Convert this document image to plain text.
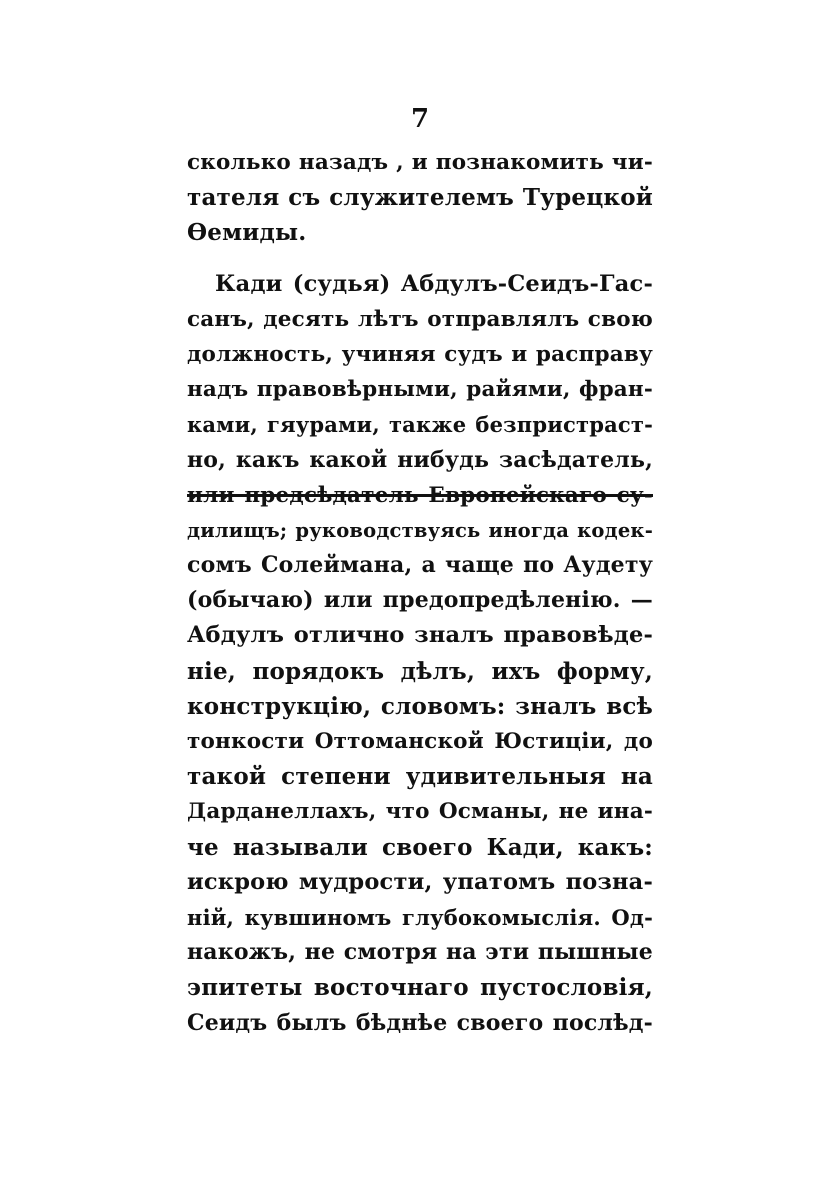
7
сколько назадъ , и познакомить чи-
тателя съ служителемъ Турецкой
Өемиды.
Кади (судья) Абдулъ-Сеидъ-Гас-
санъ, десять лѣтъ отправлялъ свою
должность, учиняя судъ и расправу
надъ правовѣрными, райями, фран-
ками, гяурами, также безпристраст-
но, какъ какой нибудь засѣдатель,
или предсѣдатель Европейскаго су-
дилищъ; руководствуясь иногда кодек-
сомъ Солеймана, а чаще по Аудету
(обычаю) или предопредѣленію. —
Абдулъ отлично зналъ правовѣде-
ніе, порядокъ дѣлъ, ихъ форму,
конструкцію, словомъ: зналъ всѣ
тонкости Оттоманской Юстиціи, до
такой степени удивительныя на
Дарданеллахъ, что Османы, не ина-
че называли своего Кади, какъ:
искрою мудрости, упатомъ позна-
ній, кувшиномъ глубокомыслія. Од-
накожъ, не смотря на эти пышные
эпитеты восточнаго пустословія,
Сеидъ былъ бѣднѣе своего послѣд-
